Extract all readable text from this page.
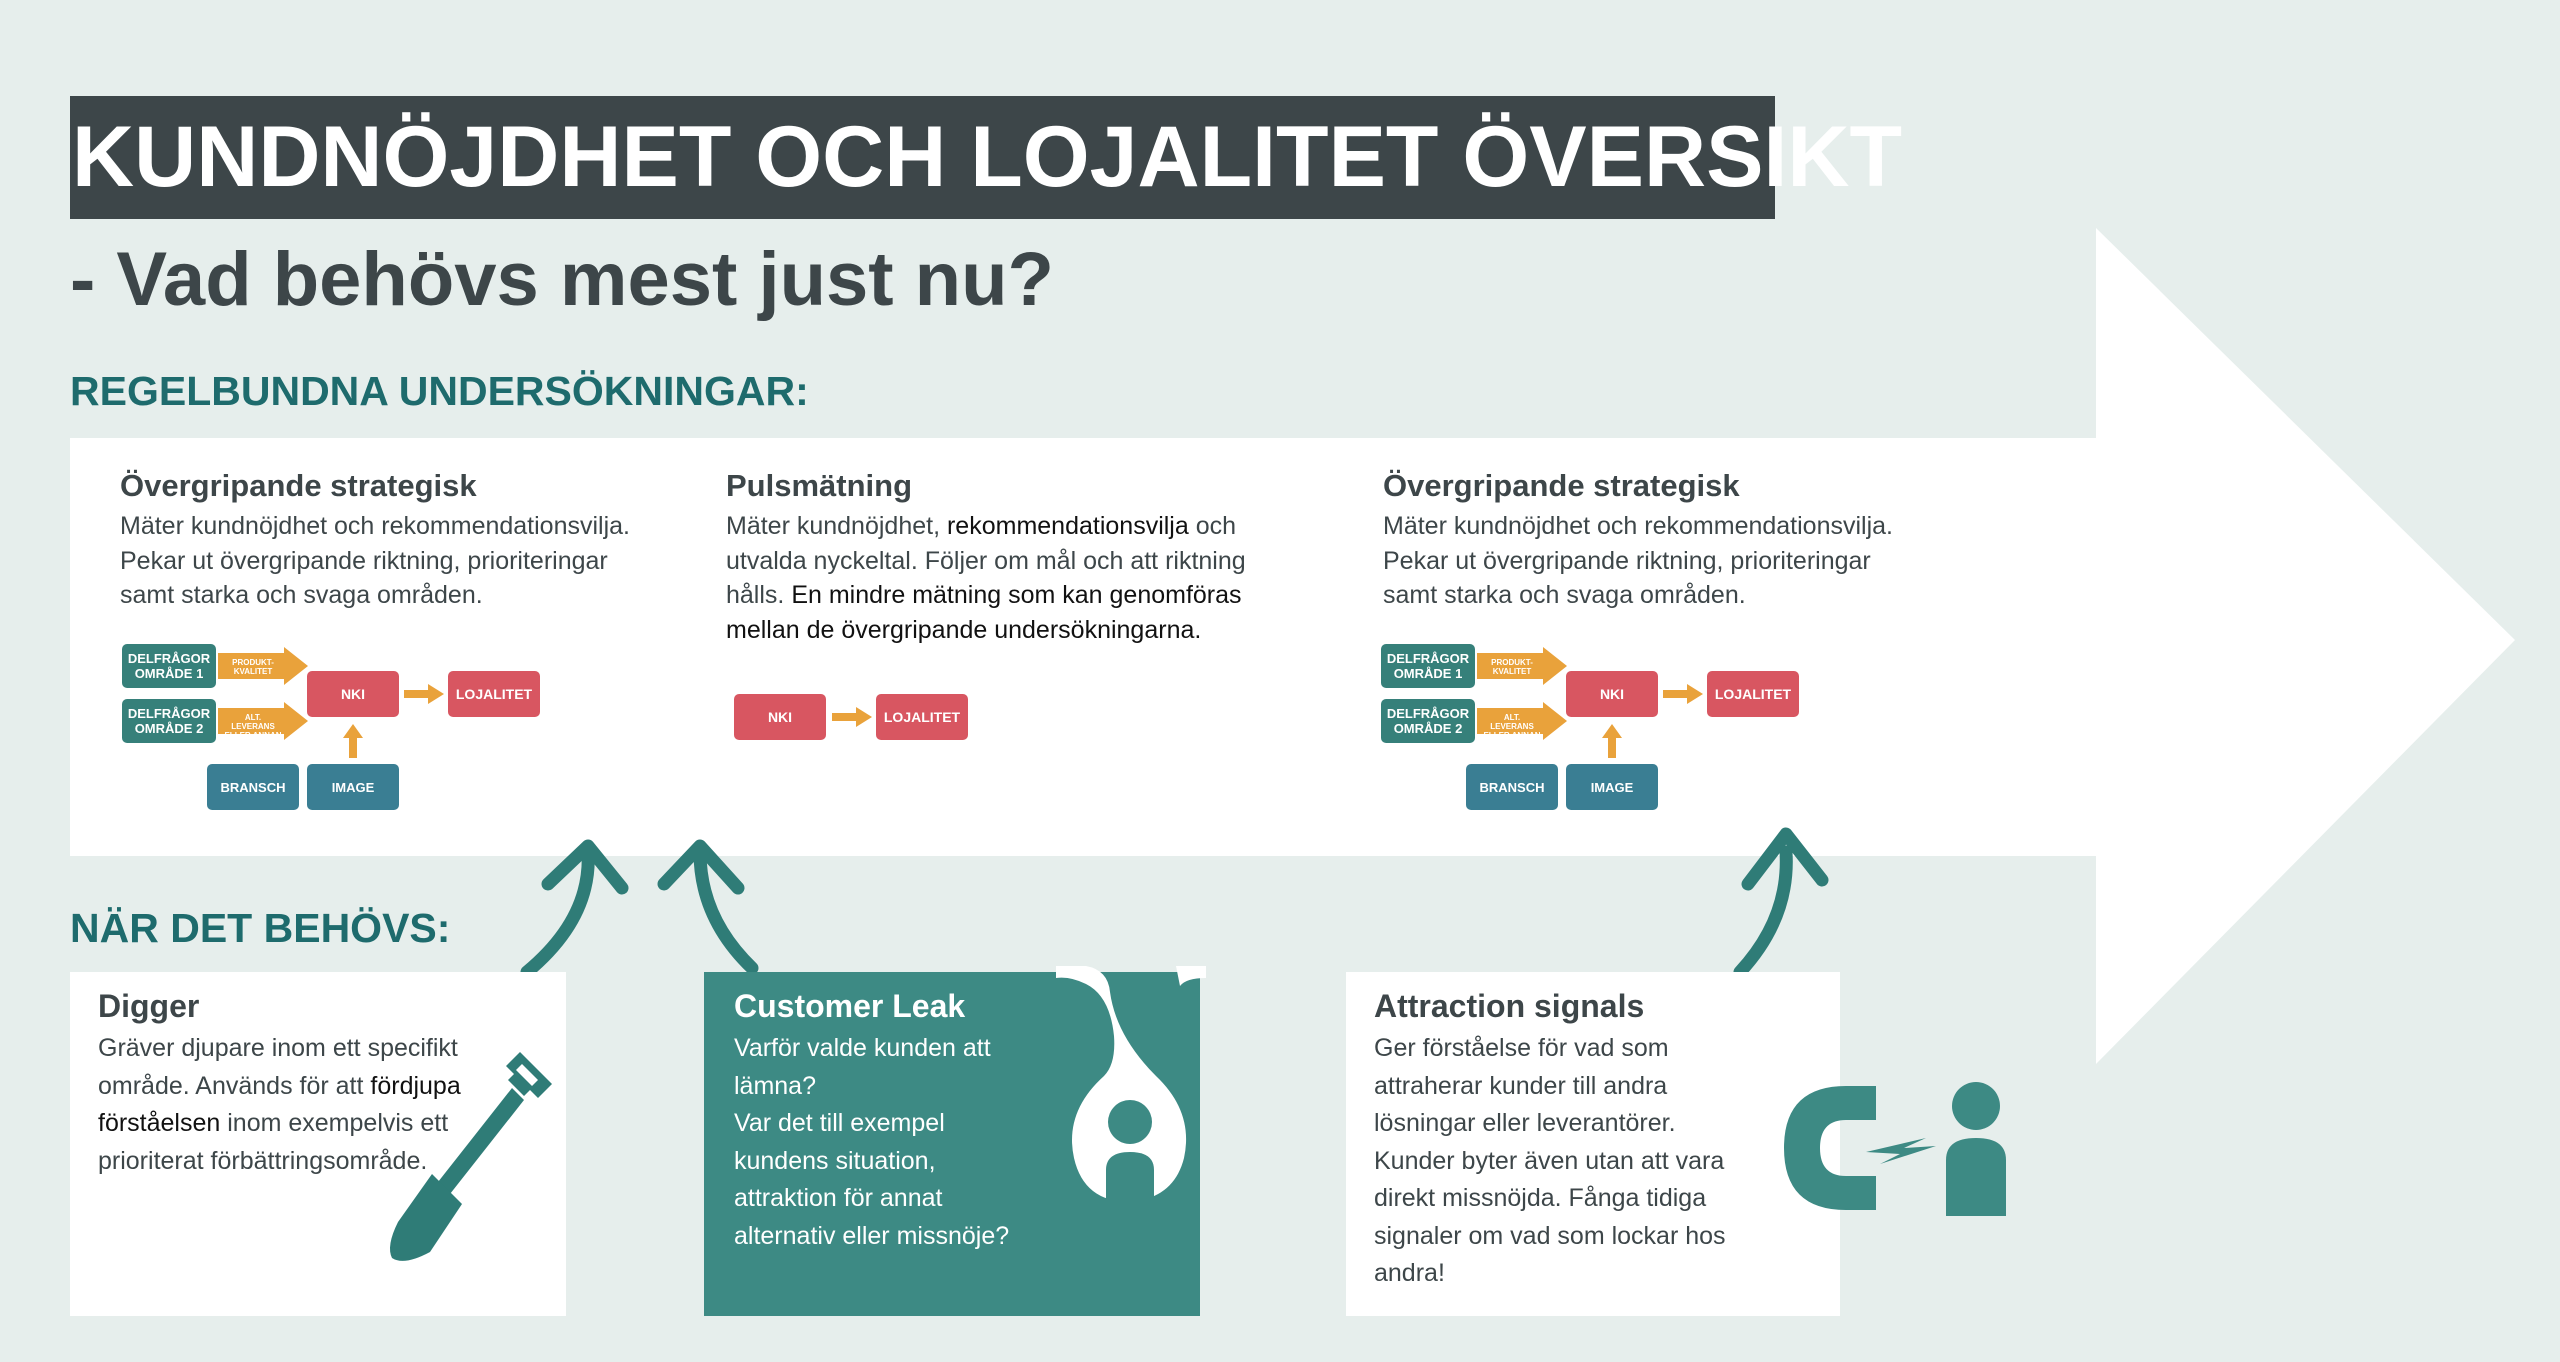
KUNDNÖJDHET OCH LOJALITET ÖVERSIKT
- Vad behövs mest just nu?
REGELBUNDNA UNDERSÖKNINGAR:
NÄR DET BEHÖVS:
Övergripande strategisk
Mäter kundnöjdhet och rekommendationsvilja.
Pekar ut övergripande riktning, prioriteringar
samt starka och svaga områden.
Pulsmätning
Mäter kundnöjdhet, rekommendationsvilja och
utvalda nyckeltal. Följer om mål och att riktning
hålls. En mindre mätning som kan genomföras
mellan de övergripande undersökningarna.
Övergripande strategisk
Mäter kundnöjdhet och rekommendationsvilja.
Pekar ut övergripande riktning, prioriteringar
samt starka och svaga områden.
DELFRÅGOR
OMRÅDE 1
DELFRÅGOR
OMRÅDE 2
PRODUKT-
KVALITET
ALT. LEVERANS
ELLER ANNAN
NKI	LOJALITET
BRANSCH	IMAGE
NKI	LOJALITET
DELFRÅGOR
OMRÅDE 1
DELFRÅGOR
OMRÅDE 2
PRODUKT-
KVALITET
ALT. LEVERANS
ELLER ANNAN
NKI	LOJALITET
BRANSCH	IMAGE
Digger
Gräver djupare inom ett specifikt
område. Används för att fördjupa
förståelsen inom exempelvis ett
prioriterat förbättringsområde.
Customer Leak
Varför valde kunden att
lämna?
Var det till exempel
kundens situation,
attraktion för annat
alternativ eller missnöje?
Attraction signals
Ger förståelse för vad som
attraherar kunder till andra
lösningar eller leverantörer.
Kunder byter även utan att vara
direkt missnöjda. Fånga tidiga
signaler om vad som lockar hos
andra!
